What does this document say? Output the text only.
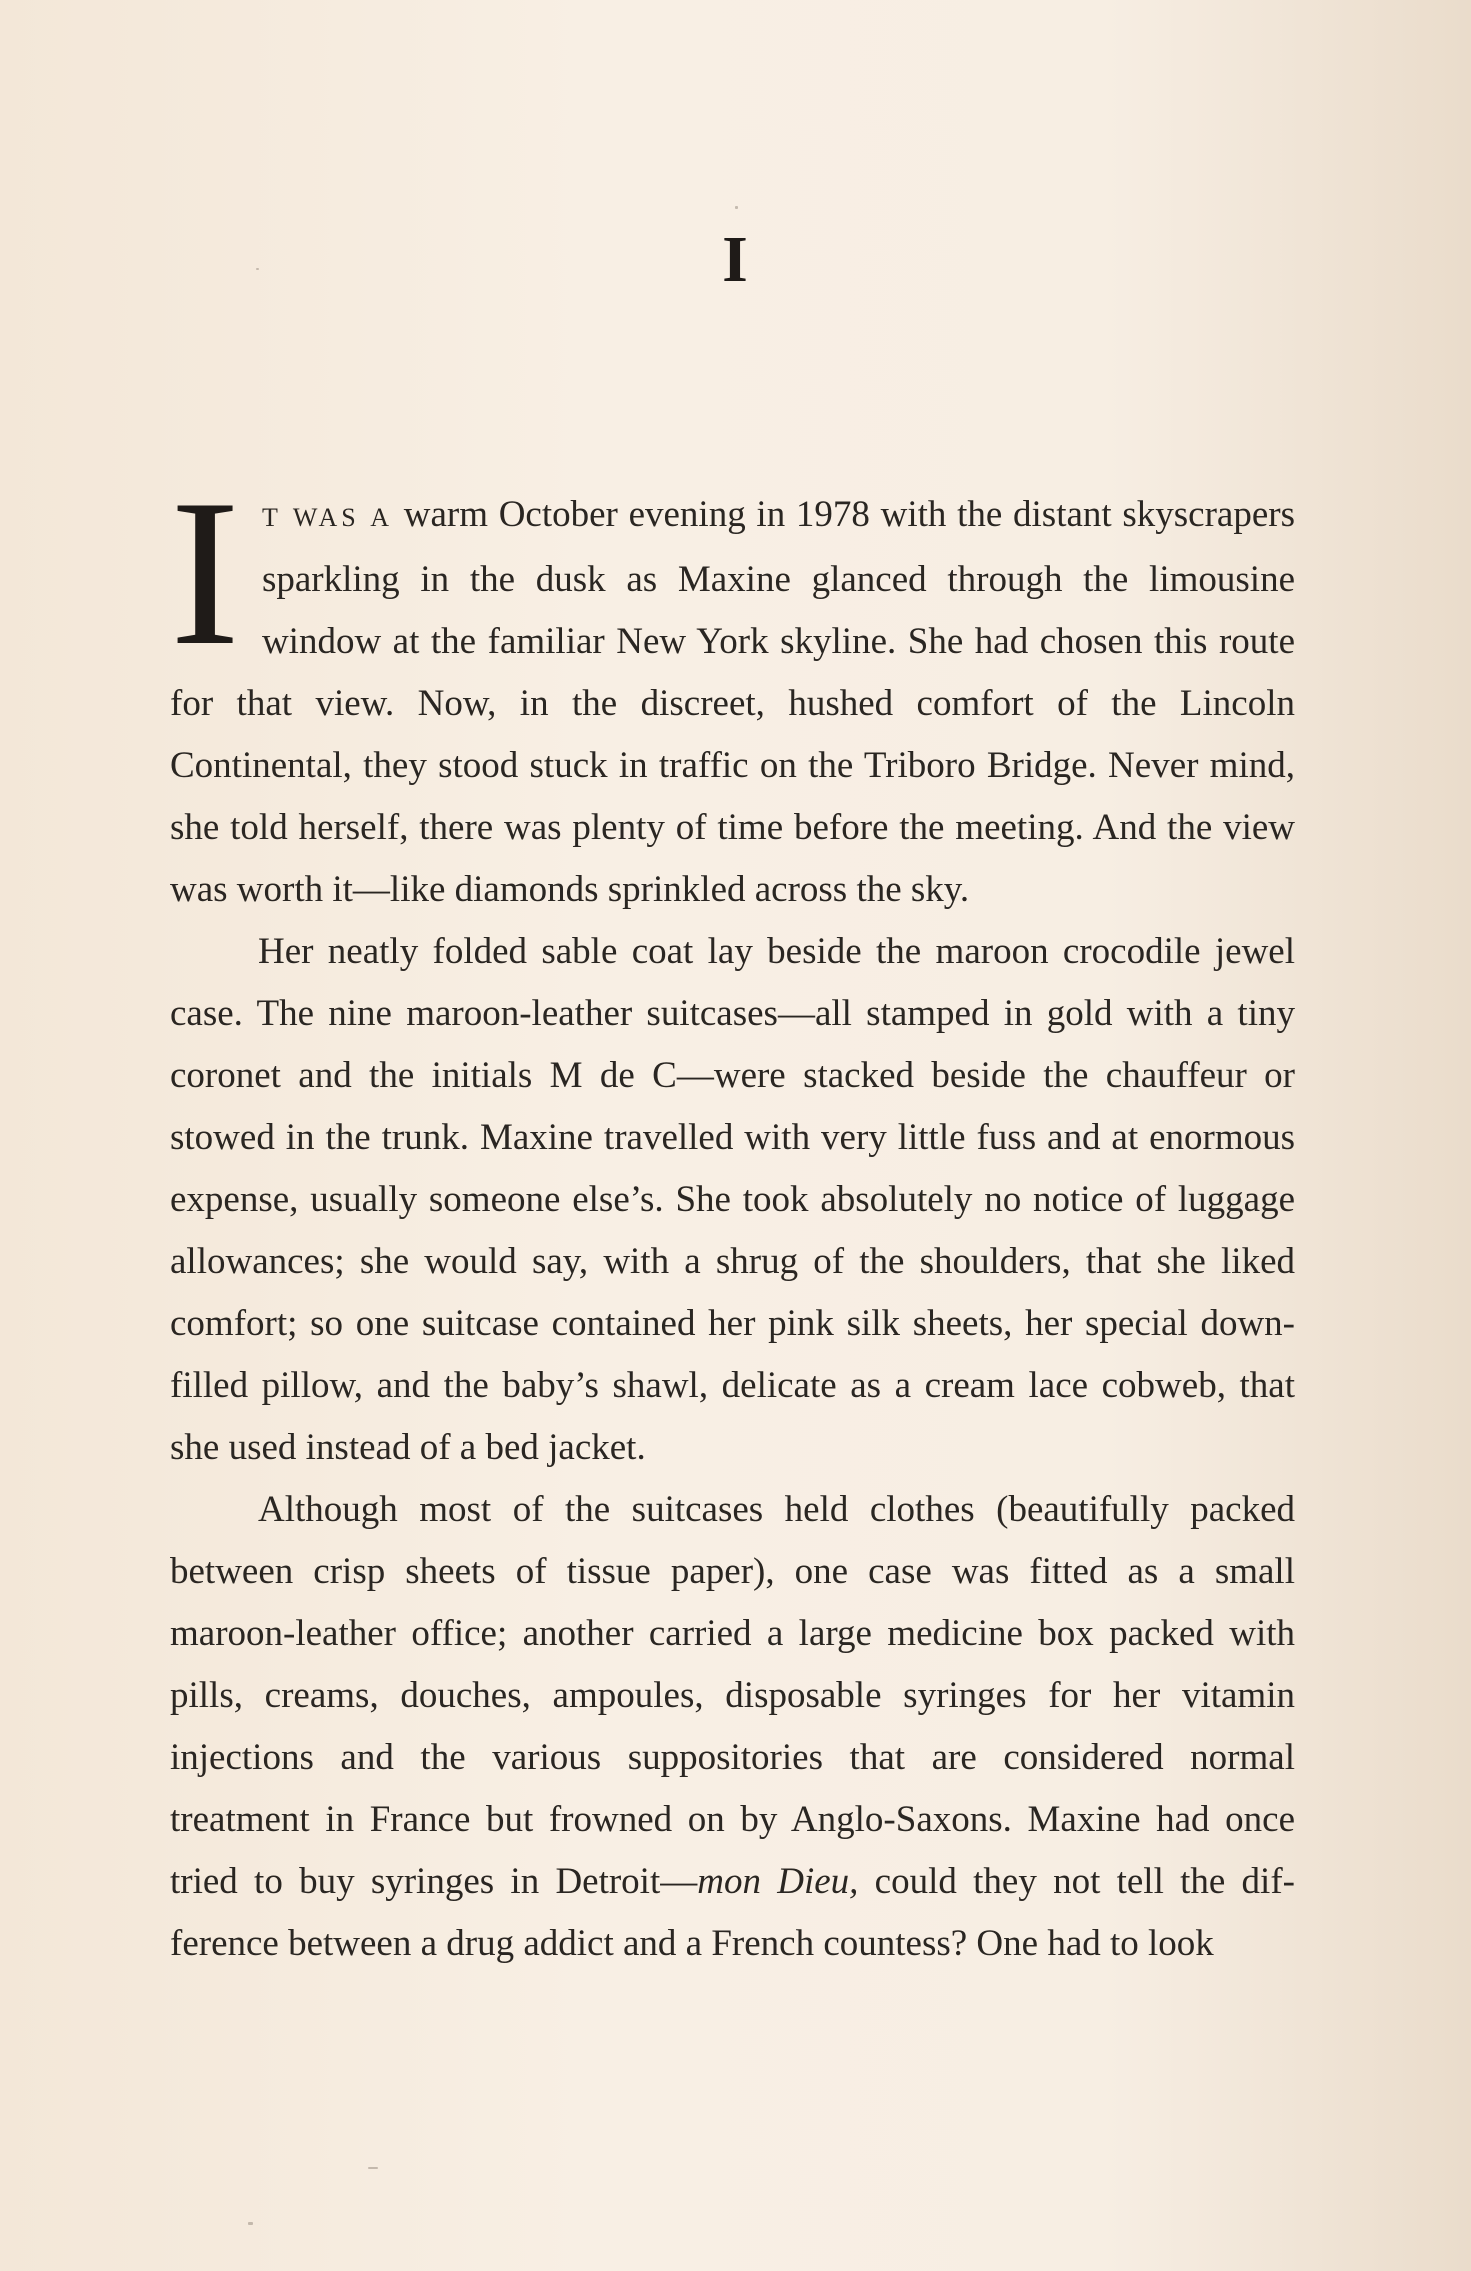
I

I T WAS A warm October evening in 1978 with the distant skyscrapers sparkling in the dusk as Maxine glanced through the limousine window at the familiar New York skyline. She had chosen this route for that view. Now, in the discreet, hushed comfort of the Lincoln Continental, they stood stuck in traffic on the Triboro Bridge. Never mind, she told herself, there was plenty of time before the meeting. And the view was worth it—like diamonds sprinkled across the sky.

Her neatly folded sable coat lay beside the maroon crocodile jewel case. The nine maroon-leather suitcases—all stamped in gold with a tiny coronet and the initials M de C—were stacked beside the chauffeur or stowed in the trunk. Maxine travelled with very little fuss and at enormous expense, usually someone else’s. She took absolutely no notice of luggage allowances; she would say, with a shrug of the shoulders, that she liked comfort; so one suitcase contained her pink silk sheets, her special down-filled pillow, and the baby’s shawl, delicate as a cream lace cobweb, that she used instead of a bed jacket.

Although most of the suitcases held clothes (beautifully packed between crisp sheets of tissue paper), one case was fitted as a small maroon-leather office; another carried a large medicine box packed with pills, creams, douches, ampoules, disposable syringes for her vitamin injections and the various suppositories that are considered normal treatment in France but frowned on by Anglo-Saxons. Maxine had once tried to buy syringes in Detroit—mon Dieu, could they not tell the difference between a drug addict and a French countess? One had to look
